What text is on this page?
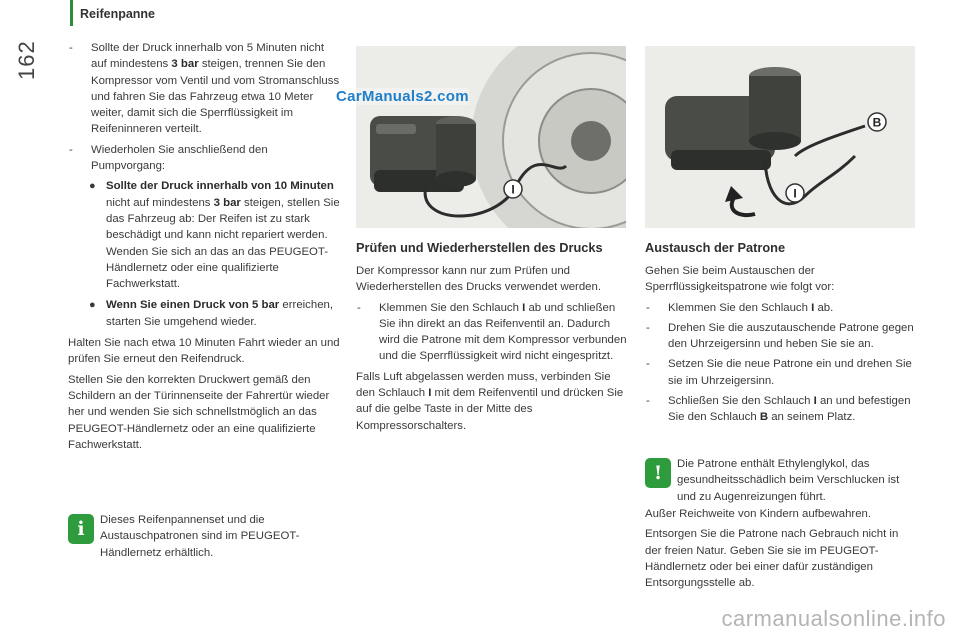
Reifenpanne
162	- Sollte der Druck innerhalb von 5 Minuten nicht auf mindestens 3 bar steigen, trennen Sie den Kompressor vom Ventil und vom Stromanschluss und fahren Sie das Fahrzeug etwa 10 Meter weiter, damit sich die Sperrflüssigkeit im Reifeninneren verteilt.
- Wiederholen Sie anschließend den Pumpvorgang:
● Sollte der Druck innerhalb von 10 Minuten nicht auf mindestens 3 bar steigen, stellen Sie das Fahrzeug ab: Der Reifen ist zu stark beschädigt und kann nicht repariert werden. Wenden Sie sich an das an das PEUGEOT-Händlernetz oder eine qualifizierte Fachwerkstatt.
● Wenn Sie einen Druck von 5 bar erreichen, starten Sie umgehend wieder.
Halten Sie nach etwa 10 Minuten Fahrt wieder an und prüfen Sie erneut den Reifendruck.
Stellen Sie den korrekten Druckwert gemäß den Schildern an der Türinnenseite der Fahrertür wieder her und wenden Sie sich schnellstmöglich an das PEUGEOT-Händlernetz oder an eine qualifizierte Fachwerkstatt.
i	Dieses Reifenpannenset und die Austauschpatronen sind im PEUGEOT-Händlernetz erhältlich.
I
B
I
CarManuals2.com
Prüfen und Wiederherstellen des Drucks
Der Kompressor kann nur zum Prüfen und Wiederherstellen des Drucks verwendet werden.
- Klemmen Sie den Schlauch I ab und schließen Sie ihn direkt an das Reifenventil an. Dadurch wird die Patrone mit dem Kompressor verbunden und die Sperrflüssigkeit wird nicht eingespritzt.
Falls Luft abgelassen werden muss, verbinden Sie den Schlauch I mit dem Reifenventil und drücken Sie auf die gelbe Taste in der Mitte des Kompressorschalters.
Austausch der Patrone
Gehen Sie beim Austauschen der Sperrflüssigkeitspatrone wie folgt vor:
- Klemmen Sie den Schlauch I ab.
- Drehen Sie die auszutauschende Patrone gegen den Uhrzeigersinn und heben Sie sie an.
- Setzen Sie die neue Patrone ein und drehen Sie sie im Uhrzeigersinn.
- Schließen Sie den Schlauch I an und befestigen Sie den Schlauch B an seinem Platz.
!	Die Patrone enthält Ethylenglykol, das gesundheitsschädlich beim Verschlucken ist und zu Augenreizungen führt.
Außer Reichweite von Kindern aufbewahren.
Entsorgen Sie die Patrone nach Gebrauch nicht in der freien Natur. Geben Sie sie im PEUGEOT-Händlernetz oder bei einer dafür zuständigen Entsorgungsstelle ab.
carmanualsonline.info
